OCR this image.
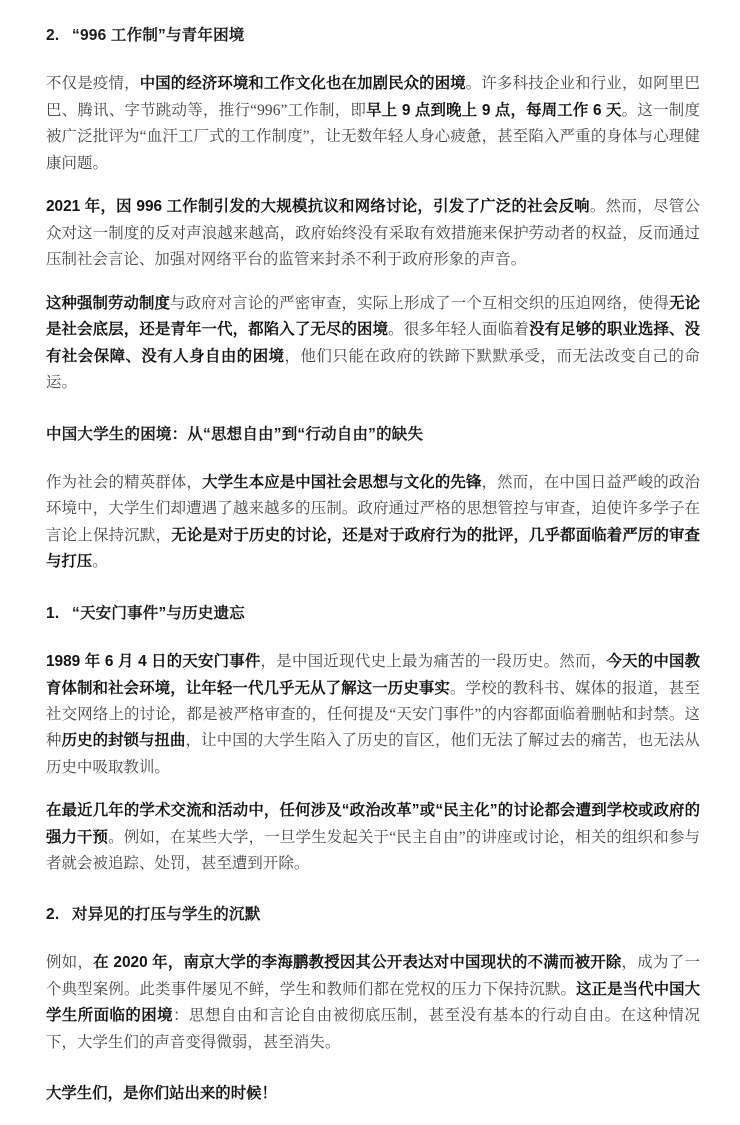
2. “996 工作制”与青年困境

不仅是疫情，中国的经济环境和工作文化也在加剧民众的困境。许多科技企业和行业，如阿里巴巴、腾讯、字节跳动等，推行“996”工作制，即早上 9 点到晚上 9 点，每周工作 6 天。这一制度被广泛批评为“血汗工厂式的工作制度”，让无数年轻人身心疲惫，甚至陷入严重的身体与心理健康问题。

2021 年，因 996 工作制引发的大规模抗议和网络讨论，引发了广泛的社会反响。然而，尽管公众对这一制度的反对声浪越来越高，政府始终没有采取有效措施来保护劳动者的权益，反而通过压制社会言论、加强对网络平台的监管来封杀不利于政府形象的声音。

这种强制劳动制度与政府对言论的严密审查，实际上形成了一个互相交织的压迫网络，使得无论是社会底层，还是青年一代，都陷入了无尽的困境。很多年轻人面临着没有足够的职业选择、没有社会保障、没有人身自由的困境，他们只能在政府的铁蹄下默默承受，而无法改变自己的命运。

中国大学生的困境：从“思想自由”到“行动自由”的缺失

作为社会的精英群体，大学生本应是中国社会思想与文化的先锋，然而，在中国日益严峻的政治环境中，大学生们却遭遇了越来越多的压制。政府通过严格的思想管控与审查，迫使许多学子在言论上保持沉默，无论是对于历史的讨论，还是对于政府行为的批评，几乎都面临着严厉的审查与打压。

1. “天安门事件”与历史遗忘

1989 年 6 月 4 日的天安门事件，是中国近现代史上最为痛苦的一段历史。然而，今天的中国教育体制和社会环境，让年轻一代几乎无从了解这一历史事实。学校的教科书、媒体的报道，甚至社交网络上的讨论，都是被严格审查的，任何提及“天安门事件”的内容都面临着删帖和封禁。这种历史的封锁与扭曲，让中国的大学生陷入了历史的盲区，他们无法了解过去的痛苦，也无法从历史中吸取教训。

在最近几年的学术交流和活动中，任何涉及“政治改革”或“民主化”的讨论都会遭到学校或政府的强力干预。例如，在某些大学，一旦学生发起关于“民主自由”的讲座或讨论，相关的组织和参与者就会被追踪、处罚，甚至遭到开除。

2. 对异见的打压与学生的沉默

例如，在 2020 年，南京大学的李海鹏教授因其公开表达对中国现状的不满而被开除，成为了一个典型案例。此类事件屡见不鲜，学生和教师们都在党权的压力下保持沉默。这正是当代中国大学生所面临的困境：思想自由和言论自由被彻底压制，甚至没有基本的行动自由。在这种情况下，大学生们的声音变得微弱，甚至消失。

大学生们，是你们站出来的时候！
